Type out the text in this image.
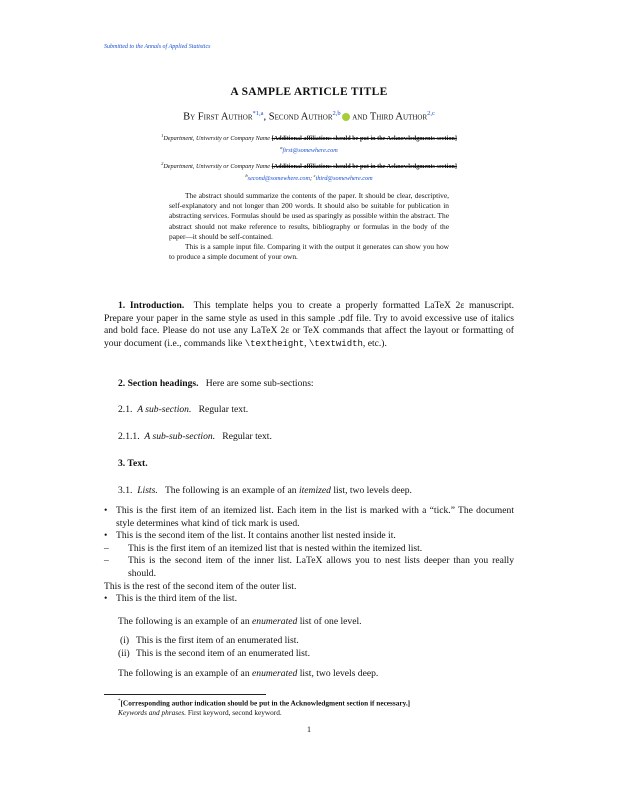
Submitted to the Annals of Applied Statistics
A SAMPLE ARTICLE TITLE
By First Author$^{*1,a}$, Second Author$^{2,b}$ and Third Author$^{2,c}$
$^1$Department, University or Company Name [Additional affiliations should be put in the Acknowledgments section]
$^a$first@somewhere.com
$^2$Department, University or Company Name [Additional affiliations should be put in the Acknowledgments section]
$^b$second@somewhere.com; $^c$third@somewhere.com

The abstract should summarize the contents of the paper. It should be clear, descriptive, self-explanatory and not longer than 200 words. It should also be suitable for publication in abstracting services. Formulas should be used as sparingly as possible within the abstract. The abstract should not make reference to results, bibliography or formulas in the body of the paper—it should be self-contained.

This is a sample input file. Comparing it with the output it generates can show you how to produce a simple document of your own.

1. Introduction. This template helps you to create a properly formatted LaTeX 2ε manuscript. Prepare your paper in the same style as used in this sample .pdf file. Try to avoid excessive use of italics and bold face. Please do not use any LaTeX 2ε or TeX commands that affect the layout or formatting of your document (i.e., commands like \textheight, \textwidth, etc.).

2. Section headings. Here are some sub-sections:

2.1. A sub-section. Regular text.

2.1.1. A sub-sub-section. Regular text.

3. Text.

3.1. Lists. The following is an example of an itemized list, two levels deep.

• This is the first item of an itemized list. Each item in the list is marked with a “tick.” The document style determines what kind of tick mark is used.
• This is the second item of the list. It contains another list nested inside it.
– This is the first item of an itemized list that is nested within the itemized list.
– This is the second item of the inner list. LaTeX allows you to nest lists deeper than you really should.
This is the rest of the second item of the outer list.
• This is the third item of the list.

The following is an example of an enumerated list of one level.

(i) This is the first item of an enumerated list.
(ii) This is the second item of an enumerated list.

The following is an example of an enumerated list, two levels deep.

*[Corresponding author indication should be put in the Acknowledgment section if necessary.]
Keywords and phrases. First keyword, second keyword.
1
